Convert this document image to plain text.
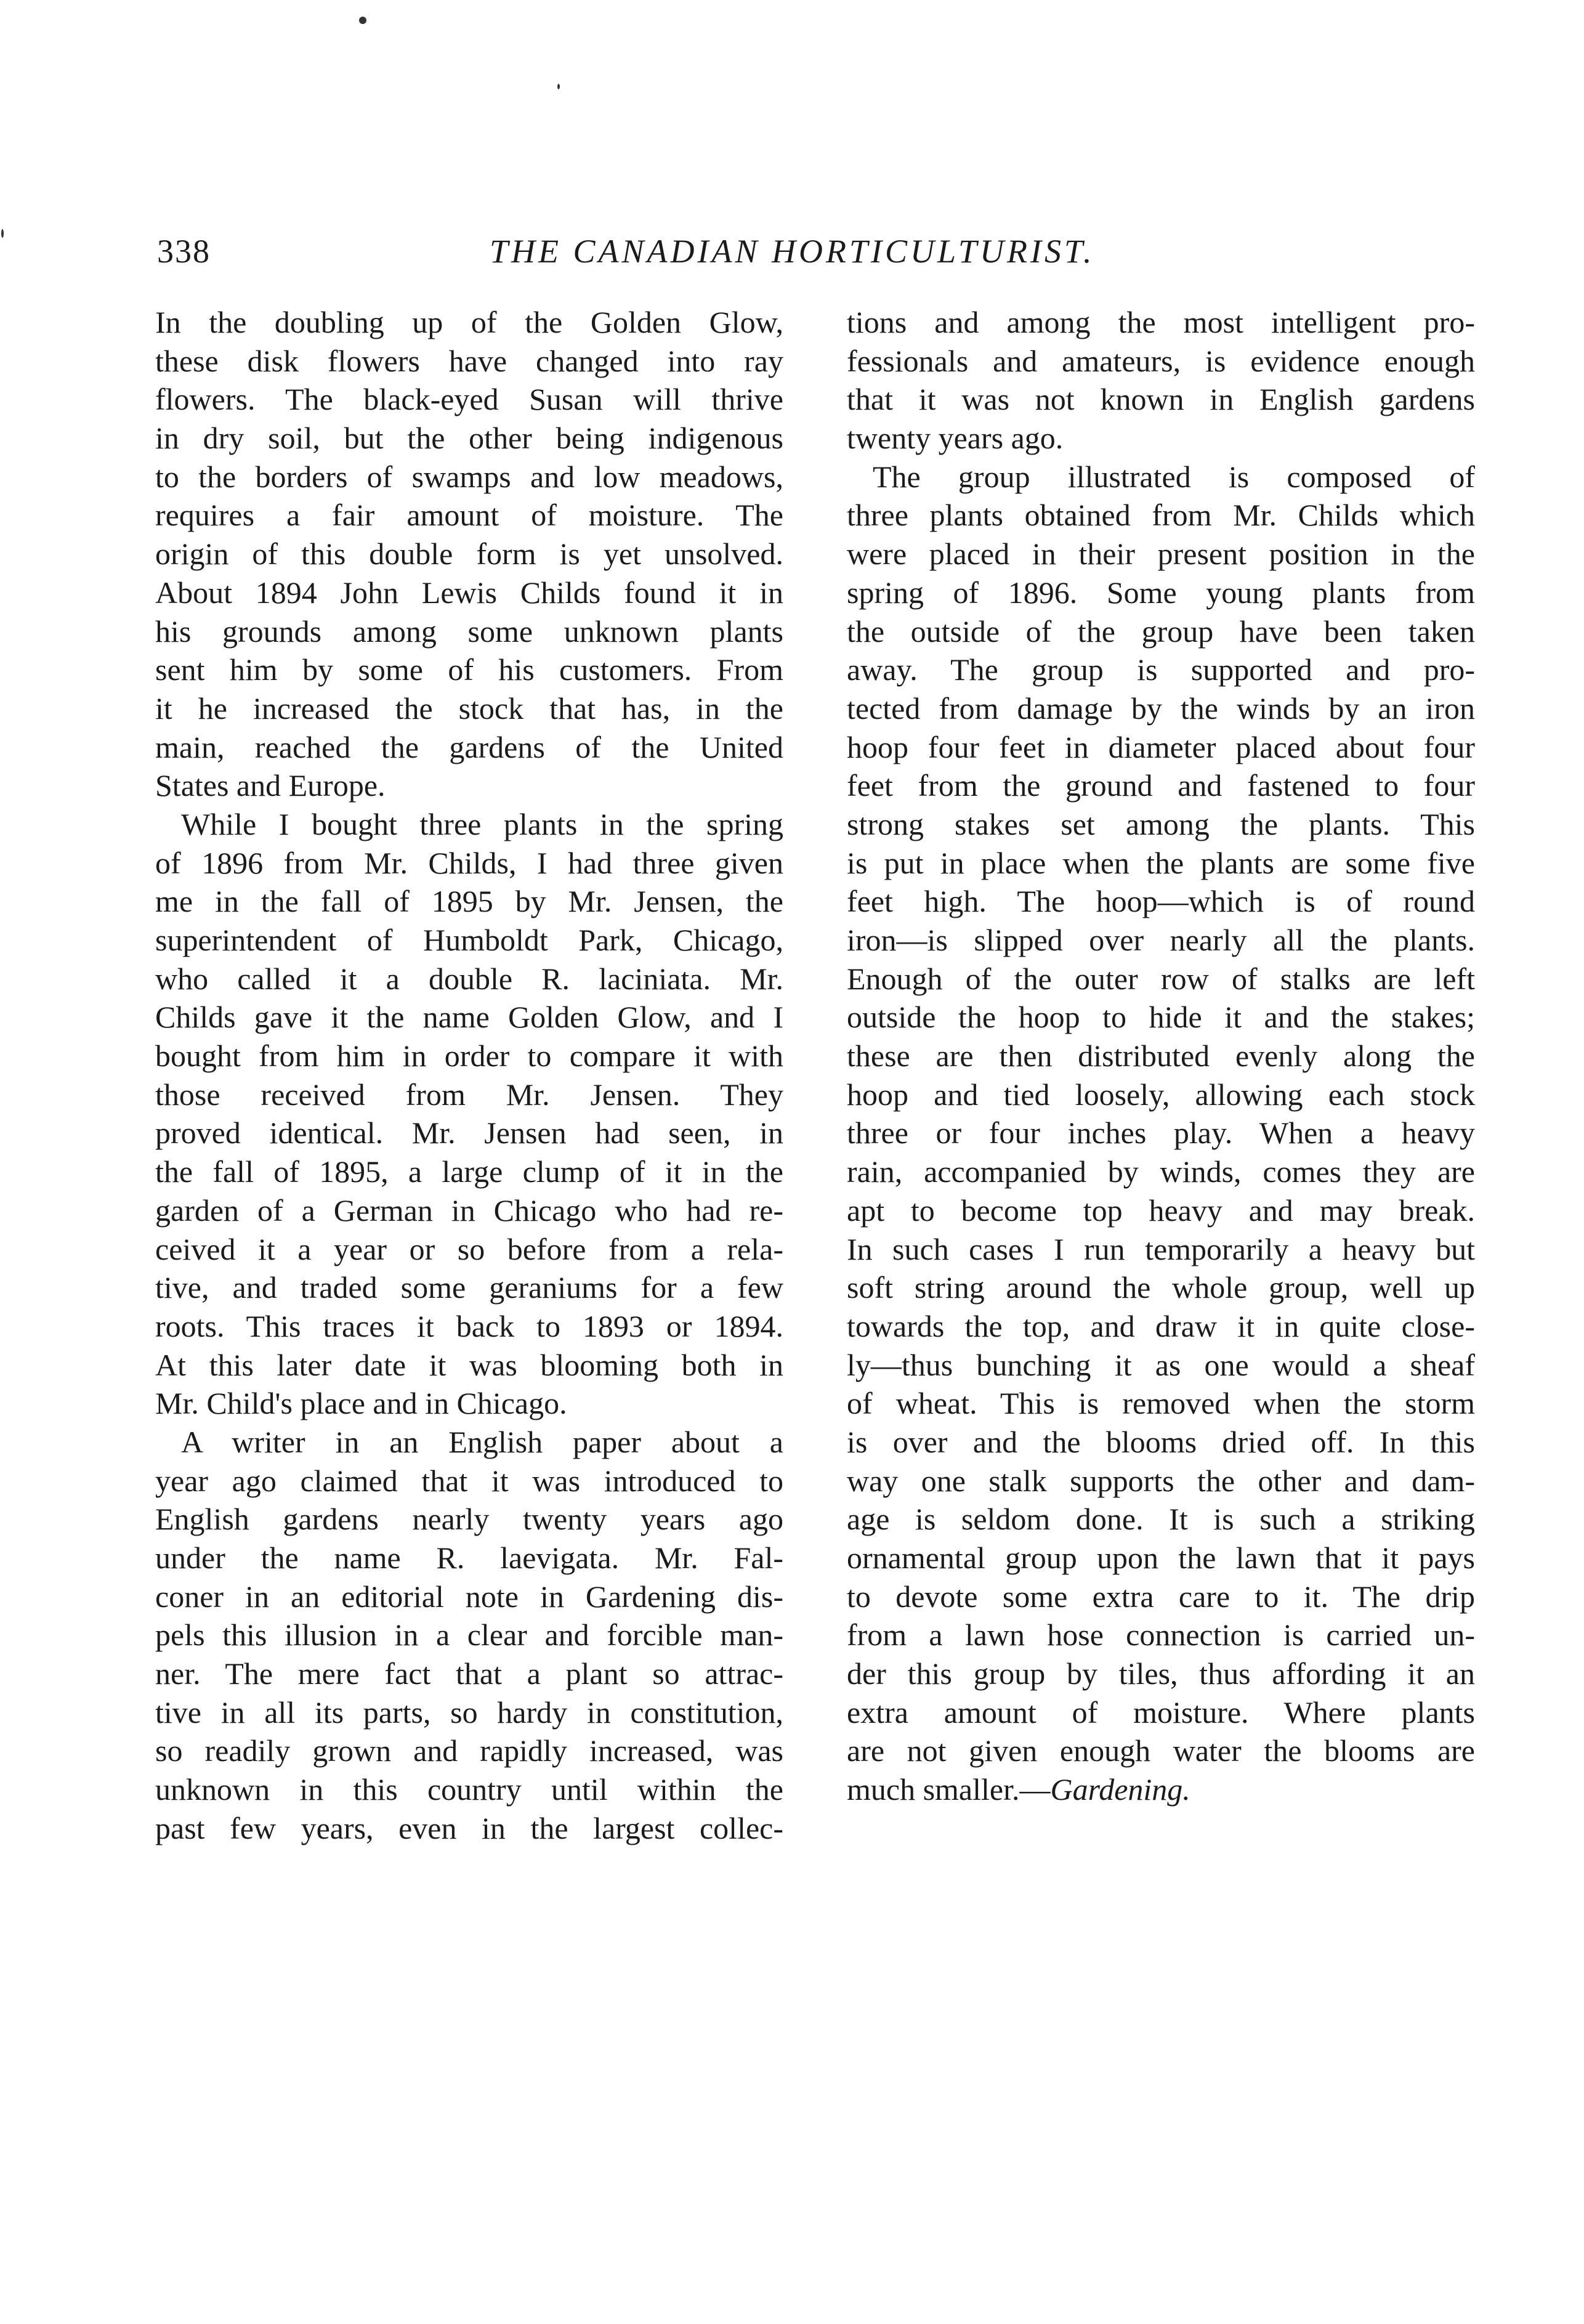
338	THE CANADIAN HORTICULTURIST.
In the doubling up of the Golden Glow,
these disk flowers have changed into ray
flowers. The black-eyed Susan will thrive
in dry soil, but the other being indigenous
to the borders of swamps and low meadows,
requires a fair amount of moisture. The
origin of this double form is yet unsolved.
About 1894 John Lewis Childs found it in
his grounds among some unknown plants
sent him by some of his customers. From
it he increased the stock that has, in the
main, reached the gardens of the United
States and Europe.
While I bought three plants in the spring
of 1896 from Mr. Childs, I had three given
me in the fall of 1895 by Mr. Jensen, the
superintendent of Humboldt Park, Chicago,
who called it a double R. laciniata. Mr.
Childs gave it the name Golden Glow, and I
bought from him in order to compare it with
those received from Mr. Jensen. They
proved identical. Mr. Jensen had seen, in
the fall of 1895, a large clump of it in the
garden of a German in Chicago who had re-
ceived it a year or so before from a rela-
tive, and traded some geraniums for a few
roots. This traces it back to 1893 or 1894.
At this later date it was blooming both in
Mr. Child's place and in Chicago.
A writer in an English paper about a
year ago claimed that it was introduced to
English gardens nearly twenty years ago
under the name R. laevigata. Mr. Fal-
coner in an editorial note in Gardening dis-
pels this illusion in a clear and forcible man-
ner. The mere fact that a plant so attrac-
tive in all its parts, so hardy in constitution,
so readily grown and rapidly increased, was
unknown in this country until within the
past few years, even in the largest collec-
tions and among the most intelligent pro-
fessionals and amateurs, is evidence enough
that it was not known in English gardens
twenty years ago.
The group illustrated is composed of
three plants obtained from Mr. Childs which
were placed in their present position in the
spring of 1896. Some young plants from
the outside of the group have been taken
away. The group is supported and pro-
tected from damage by the winds by an iron
hoop four feet in diameter placed about four
feet from the ground and fastened to four
strong stakes set among the plants. This
is put in place when the plants are some five
feet high. The hoop—which is of round
iron—is slipped over nearly all the plants.
Enough of the outer row of stalks are left
outside the hoop to hide it and the stakes;
these are then distributed evenly along the
hoop and tied loosely, allowing each stock
three or four inches play. When a heavy
rain, accompanied by winds, comes they are
apt to become top heavy and may break.
In such cases I run temporarily a heavy but
soft string around the whole group, well up
towards the top, and draw it in quite close-
ly—thus bunching it as one would a sheaf
of wheat. This is removed when the storm
is over and the blooms dried off. In this
way one stalk supports the other and dam-
age is seldom done. It is such a striking
ornamental group upon the lawn that it pays
to devote some extra care to it. The drip
from a lawn hose connection is carried un-
der this group by tiles, thus affording it an
extra amount of moisture. Where plants
are not given enough water the blooms are
much smaller.—Gardening.
